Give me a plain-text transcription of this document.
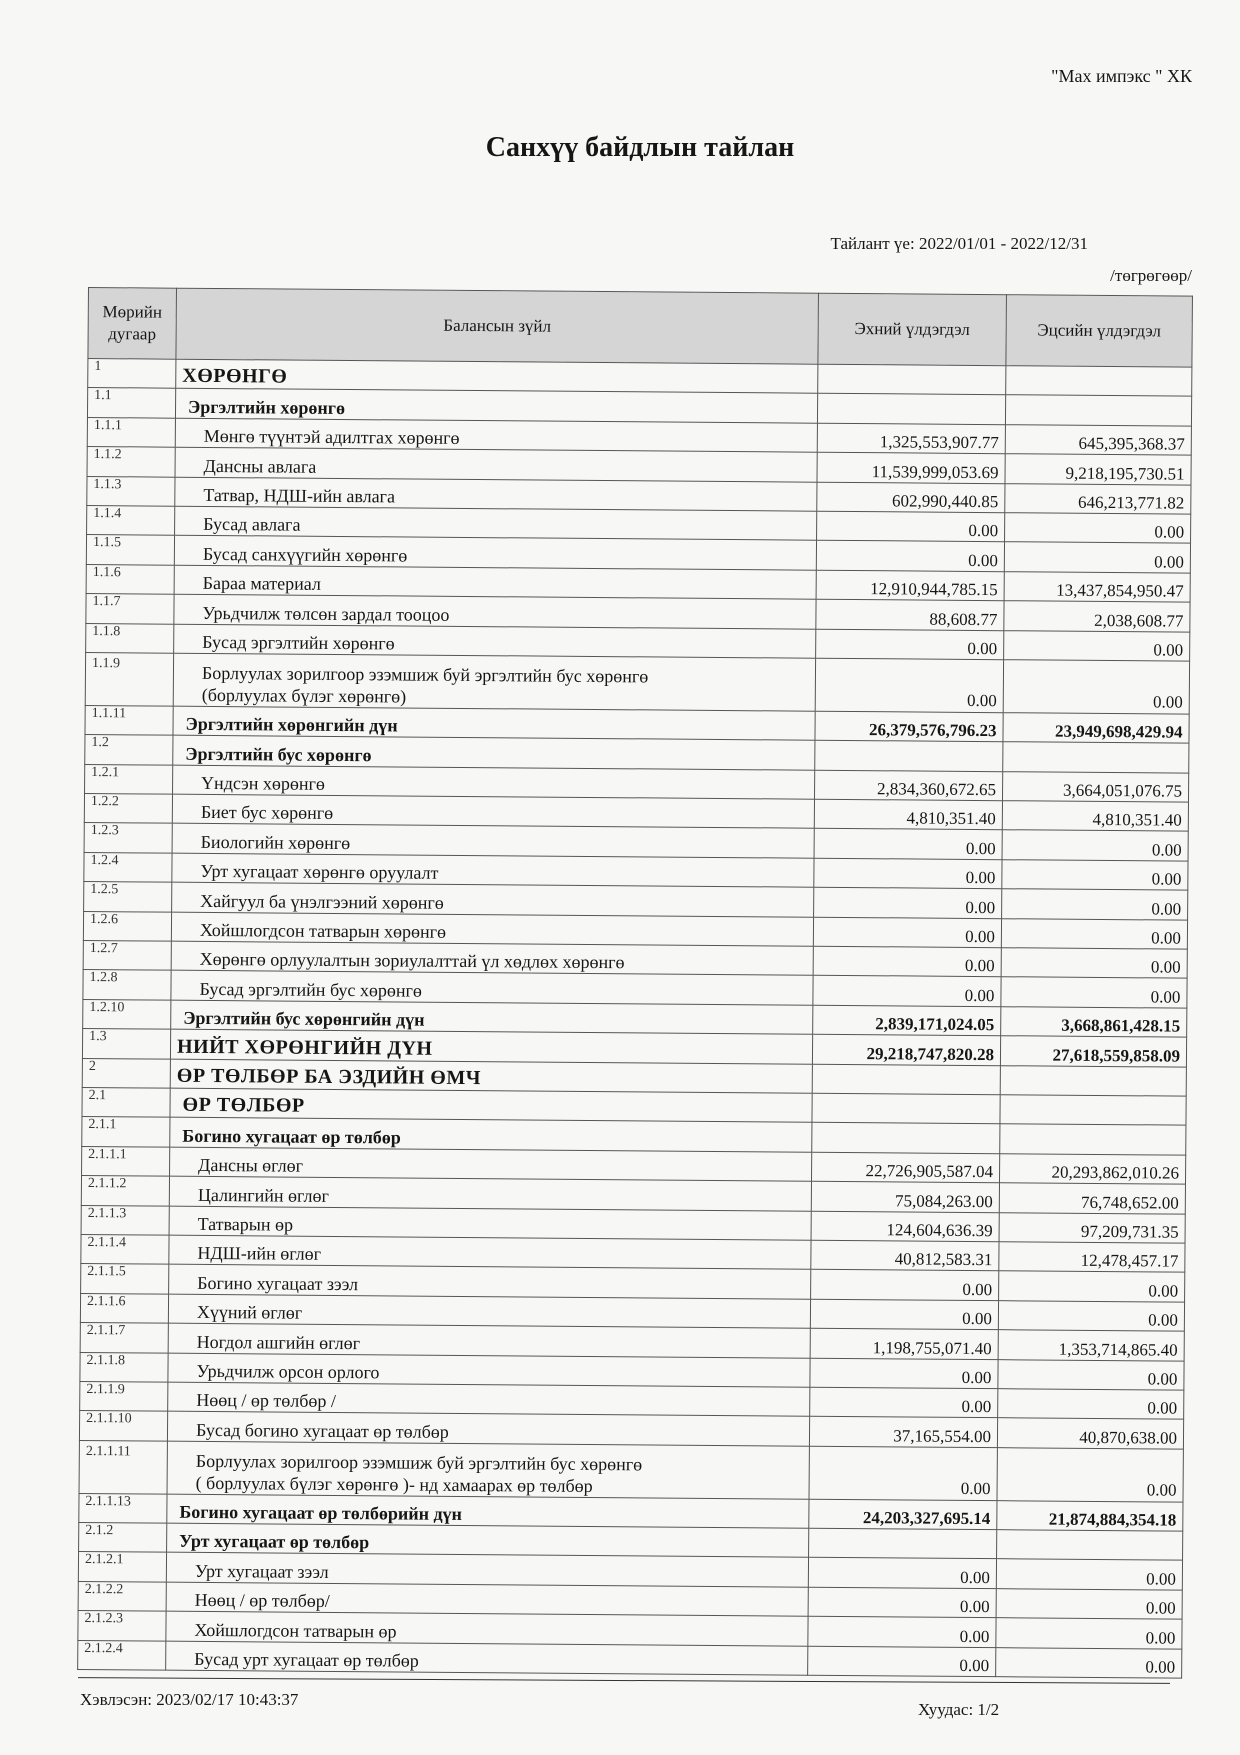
"Мах импэкс " ХК
Санхүү байдлын тайлан
Тайлант үе: 2022/01/01 - 2022/12/31
/төгрөгөөр/
Мөрийн дугаар	Балансын зүйл	Эхний үлдэгдэл	Эцсийн үлдэгдэл
1	ХӨРӨНГӨ		
1.1	Эргэлтийн хөрөнгө		
1.1.1	Мөнгө түүнтэй адилтгах хөрөнгө	1,325,553,907.77	645,395,368.37
1.1.2	Дансны авлага	11,539,999,053.69	9,218,195,730.51
1.1.3	Татвар, НДШ-ийн авлага	602,990,440.85	646,213,771.82
1.1.4	Бусад авлага	0.00	0.00
1.1.5	Бусад санхүүгийн хөрөнгө	0.00	0.00
1.1.6	Бараа материал	12,910,944,785.15	13,437,854,950.47
1.1.7	Урьдчилж төлсөн зардал тооцоо	88,608.77	2,038,608.77
1.1.8	Бусад эргэлтийн хөрөнгө	0.00	0.00
1.1.9	Борлуулах зорилгоор эзэмшиж буй эргэлтийн бус хөрөнгө
(борлуулах бүлэг хөрөнгө)	0.00	0.00
1.1.11	Эргэлтийн хөрөнгийн дүн	26,379,576,796.23	23,949,698,429.94
1.2	Эргэлтийн бус хөрөнгө		
1.2.1	Үндсэн хөрөнгө	2,834,360,672.65	3,664,051,076.75
1.2.2	Биет бус хөрөнгө	4,810,351.40	4,810,351.40
1.2.3	Биологийн хөрөнгө	0.00	0.00
1.2.4	Урт хугацаат хөрөнгө оруулалт	0.00	0.00
1.2.5	Хайгуул ба үнэлгээний хөрөнгө	0.00	0.00
1.2.6	Хойшлогдсон татварын хөрөнгө	0.00	0.00
1.2.7	Хөрөнгө орлуулалтын зориулалттай үл хөдлөх хөрөнгө	0.00	0.00
1.2.8	Бусад эргэлтийн бус хөрөнгө	0.00	0.00
1.2.10	Эргэлтийн бус хөрөнгийн дүн	2,839,171,024.05	3,668,861,428.15
1.3	НИЙТ ХӨРӨНГИЙН ДҮН	29,218,747,820.28	27,618,559,858.09
2	ӨР ТӨЛБӨР БА ЭЗДИЙН ӨМЧ		
2.1	ӨР ТӨЛБӨР		
2.1.1	Богино хугацаат өр төлбөр		
2.1.1.1	Дансны өглөг	22,726,905,587.04	20,293,862,010.26
2.1.1.2	Цалингийн өглөг	75,084,263.00	76,748,652.00
2.1.1.3	Татварын өр	124,604,636.39	97,209,731.35
2.1.1.4	НДШ-ийн өглөг	40,812,583.31	12,478,457.17
2.1.1.5	Богино хугацаат зээл	0.00	0.00
2.1.1.6	Хүүний өглөг	0.00	0.00
2.1.1.7	Ногдол ашгийн өглөг	1,198,755,071.40	1,353,714,865.40
2.1.1.8	Урьдчилж орсон орлого	0.00	0.00
2.1.1.9	Нөөц / өр төлбөр /	0.00	0.00
2.1.1.10	Бусад богино хугацаат өр төлбөр	37,165,554.00	40,870,638.00
2.1.1.11	Борлуулах зорилгоор эзэмшиж буй эргэлтийн бус хөрөнгө
( борлуулах бүлэг хөрөнгө )- нд хамаарах өр төлбөр	0.00	0.00
2.1.1.13	Богино хугацаат өр төлбөрийн дүн	24,203,327,695.14	21,874,884,354.18
2.1.2	Урт хугацаат өр төлбөр		
2.1.2.1	Урт хугацаат зээл	0.00	0.00
2.1.2.2	Нөөц / өр төлбөр/	0.00	0.00
2.1.2.3	Хойшлогдсон татварын өр	0.00	0.00
2.1.2.4	Бусад урт хугацаат өр төлбөр	0.00	0.00
Хэвлэсэн: 2023/02/17 10:43:37
Хуудас: 1/2
